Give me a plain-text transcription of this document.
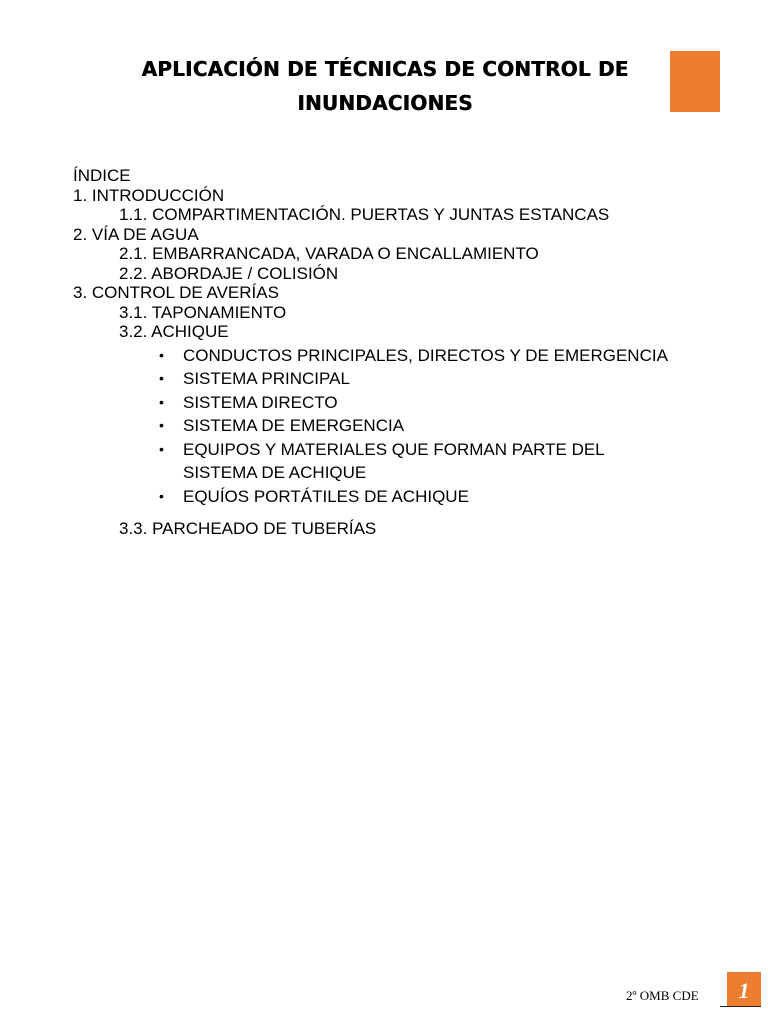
APLICACIÓN DE TÉCNICAS DE CONTROL DE
INUNDACIONES
ÍNDICE
1. INTRODUCCIÓN
1.1. COMPARTIMENTACIÓN. PUERTAS Y JUNTAS ESTANCAS
2. VÍA DE AGUA
2.1. EMBARRANCADA, VARADA O ENCALLAMIENTO
2.2. ABORDAJE / COLISIÓN
3. CONTROL DE AVERÍAS
3.1. TAPONAMIENTO
3.2. ACHIQUE
•	CONDUCTOS PRINCIPALES, DIRECTOS Y DE EMERGENCIA
•	SISTEMA PRINCIPAL
•	SISTEMA DIRECTO
•	SISTEMA DE EMERGENCIA
•	EQUIPOS Y MATERIALES QUE FORMAN PARTE DEL
SISTEMA DE ACHIQUE
•	EQUÍOS PORTÁTILES DE ACHIQUE
3.3. PARCHEADO DE TUBERÍAS
2º OMB CDE	1
